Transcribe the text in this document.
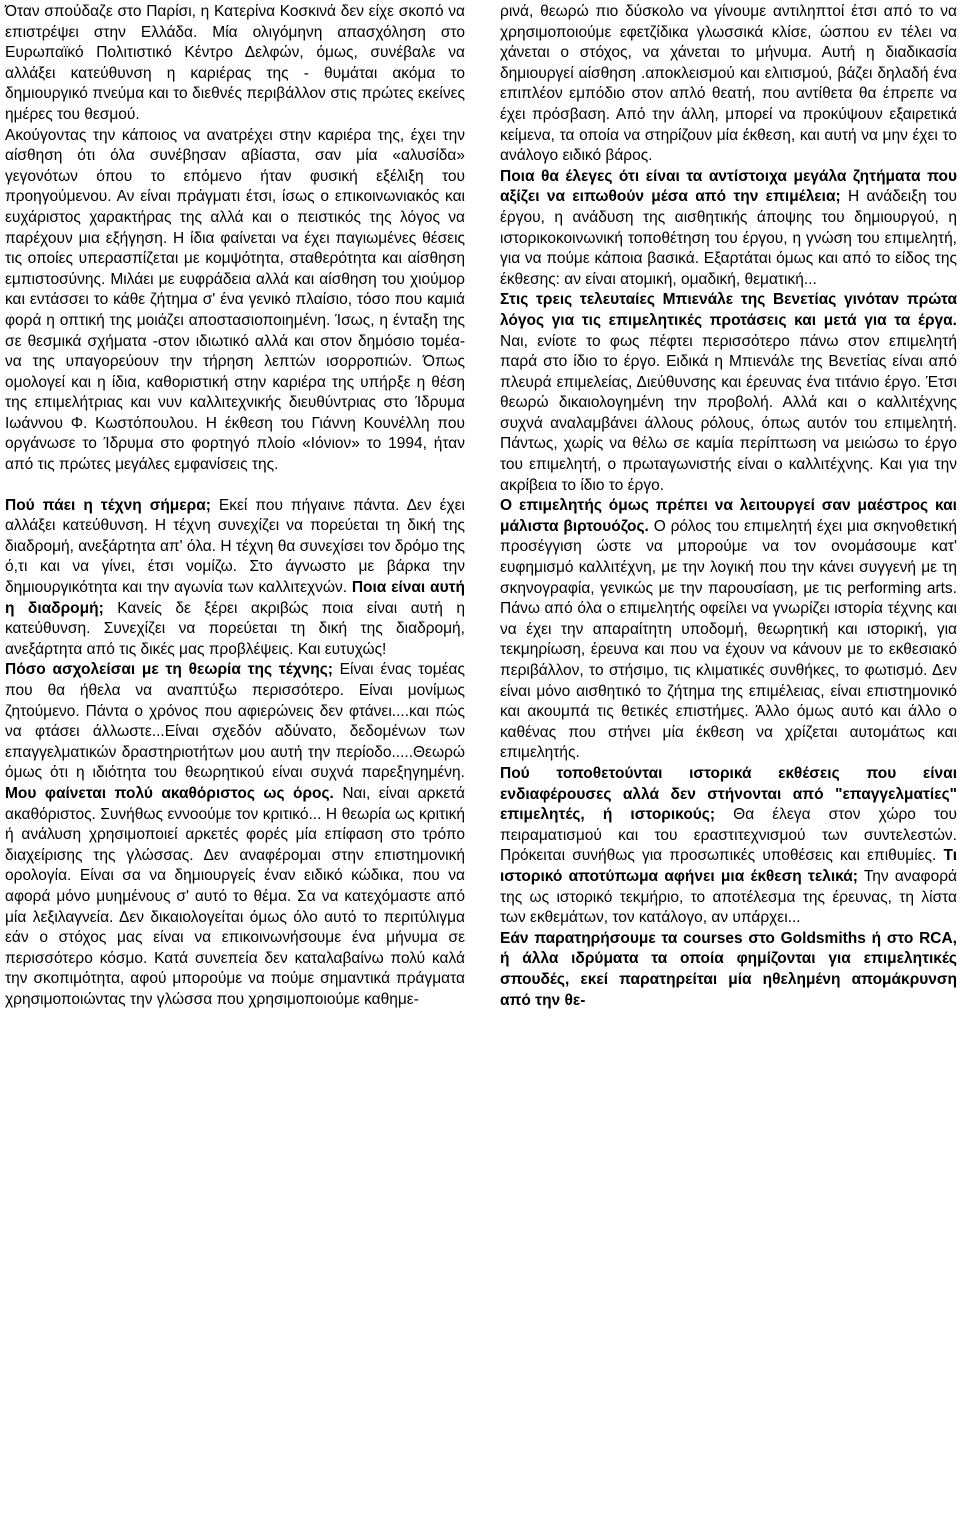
Όταν σπούδαζε στο Παρίσι, η Κατερίνα Κοσκινά δεν είχε σκοπό να επιστρέψει στην Ελλάδα. Μία ολιγόμηνη απασχόληση στο Ευρωπαϊκό Πολιτιστικό Κέντρο Δελφών, όμως, συνέβαλε να αλλάξει κατεύθυνση η καριέρας της - θυμάται ακόμα το δημιουργικό πνεύμα και το διεθνές περιβάλλον στις πρώτες εκείνες ημέρες του θεσμού.

Ακούγοντας την κάποιος να ανατρέχει στην καριέρα της, έχει την αίσθηση ότι όλα συνέβησαν αβίαστα, σαν μία «αλυσίδα» γεγονότων όπου το επόμενο ήταν φυσική εξέλιξη του προηγούμενου. Αν είναι πράγματι έτσι, ίσως ο επικοινωνιακός και ευχάριστος χαρακτήρας της αλλά και ο πειστικός της λόγος να παρέχουν μια εξήγηση. Η ίδια φαίνεται να έχει παγιωμένες θέσεις τις οποίες υπερασπίζεται με κομψότητα, σταθερότητα και αίσθηση εμπιστοσύνης. Μιλάει με ευφράδεια αλλά και αίσθηση του χιούμορ και εντάσσει το κάθε ζήτημα σ' ένα γενικό πλαίσιο, τόσο που καμιά φορά η οπτική της μοιάζει αποστασιοποιημένη. Ίσως, η ένταξη της σε θεσμικά σχήματα -στον ιδιωτικό αλλά και στον δημόσιο τομέα- να της υπαγορεύουν την τήρηση λεπτών ισορροπιών. Όπως ομολογεί και η ίδια, καθοριστική στην καριέρα της υπήρξε η θέση της επιμελήτριας και νυν καλλιτεχνικής διευθύντριας στο Ίδρυμα Ιωάννου Φ. Κωστόπουλου. Η έκθεση του Γιάννη Κουνέλλη που οργάνωσε το Ίδρυμα στο φορτηγό πλοίο «Ιόνιον» το 1994, ήταν από τις πρώτες μεγάλες εμφανίσεις της.

Πού πάει η τέχνη σήμερα; Εκεί που πήγαινε πάντα. Δεν έχει αλλάξει κατεύθυνση. Η τέχνη συνεχίζει να πορεύεται τη δική της διαδρομή, ανεξάρτητα απ' όλα. Η τέχνη θα συνεχίσει τον δρόμο της ό,τι και να γίνει, έτσι νομίζω. Στο άγνωστο με βάρκα την δημιουργικότητα και την αγωνία των καλλιτεχνών. Ποια είναι αυτή η διαδρομή; Κανείς δε ξέρει ακριβώς ποια είναι αυτή η κατεύθυνση. Συνεχίζει να πορεύεται τη δική της διαδρομή, ανεξάρτητα από τις δικές μας προβλέψεις. Και ευτυχώς!

Πόσο ασχολείσαι με τη θεωρία της τέχνης; Είναι ένας τομέας που θα ήθελα να αναπτύξω περισσότερο. Είναι μονίμως ζητούμενο. Πάντα ο χρόνος που αφιερώνεις δεν φτάνει....και πώς να φτάσει άλλωστε...Είναι σχεδόν αδύνατο, δεδομένων των επαγγελματικών δραστηριοτήτων μου αυτή την περίοδο.....Θεωρώ όμως ότι η ιδιότητα του θεωρητικού είναι συχνά παρεξηγημένη. Μου φαίνεται πολύ ακαθόριστος ως όρος. Ναι, είναι αρκετά ακαθόριστος. Συνήθως εννοούμε τον κριτικό... Η θεωρία ως κριτική ή ανάλυση χρησιμοποιεί αρκετές φορές μία επίφαση στο τρόπο διαχείρισης της γλώσσας. Δεν αναφέρομαι στην επιστημονική ορολογία. Είναι σα να δημιουργείς έναν ειδικό κώδικα, που να αφορά μόνο μυημένους σ' αυτό το θέμα. Σα να κατεχόμαστε από μία λεξιλαγνεία. Δεν δικαιολογείται όμως όλο αυτό το περιτύλιγμα εάν ο στόχος μας είναι να επικοινωνήσουμε ένα μήνυμα σε περισσότερο κόσμο. Κατά συνεπεία δεν καταλαβαίνω πολύ καλά την σκοπιμότητα, αφού μπορούμε να πούμε σημαντικά πράγματα χρησιμοποιώντας την γλώσσα που χρησιμοποιούμε καθημε-

ρινά, θεωρώ πιο δύσκολο να γίνουμε αντιληπτοί έτσι από το να χρησιμοποιούμε εφετζίδικα γλωσσικά κλίσε, ώσπου εν τέλει να χάνεται ο στόχος, να χάνεται το μήνυμα. Αυτή η διαδικασία δημιουργεί αίσθηση .αποκλεισμού και ελιτισμού, βάζει δηλαδή ένα επιπλέον εμπόδιο στον απλό θεατή, που αντίθετα θα έπρεπε να έχει πρόσβαση. Από την άλλη, μπορεί να προκύψουν εξαιρετικά κείμενα, τα οποία να στηρίζουν μία έκθεση, και αυτή να μην έχει το ανάλογο ειδικό βάρος.

Ποια θα έλεγες ότι είναι τα αντίστοιχα μεγάλα ζητήματα που αξίζει να ειπωθούν μέσα από την επιμέλεια; Η ανάδειξη του έργου, η ανάδυση της αισθητικής άποψης του δημιουργού, η ιστορικοκοινωνική τοποθέτηση του έργου, η γνώση του επιμελητή, για να πούμε κάποια βασικά. Εξαρτάται όμως και από το είδος της έκθεσης: αν είναι ατομική, ομαδική, θεματική...

Στις τρεις τελευταίες Μπιενάλε της Βενετίας γινόταν πρώτα λόγος για τις επιμελητικές προτάσεις και μετά για τα έργα. Ναι, ενίοτε το φως πέφτει περισσότερο πάνω στον επιμελητή παρά στο ίδιο το έργο. Ειδικά η Μπιενάλε της Βενετίας είναι από πλευρά επιμελείας, Διεύθυνσης και έρευνας ένα τιτάνιο έργο. Έτσι θεωρώ δικαιολογημένη την προβολή. Αλλά και ο καλλιτέχνης συχνά αναλαμβάνει άλλους ρόλους, όπως αυτόν του επιμελητή. Πάντως, χωρίς να θέλω σε καμία περίπτωση να μειώσω το έργο του επιμελητή, ο πρωταγωνιστής είναι ο καλλιτέχνης. Και για την ακρίβεια το ίδιο το έργο.

Ο επιμελητής όμως πρέπει να λειτουργεί σαν μαέστρος και μάλιστα βιρτουόζος. Ο ρόλος του επιμελητή έχει μια σκηνοθετική προσέγγιση ώστε να μπορούμε να τον ονομάσουμε κατ' ευφημισμό καλλιτέχνη, με την λογική που την κάνει συγγενή με τη σκηνογραφία, γενικώς με την παρουσίαση, με τις performing arts. Πάνω από όλα ο επιμελητής οφείλει να γνωρίζει ιστορία τέχνης και να έχει την απαραίτητη υποδομή, θεωρητική και ιστορική, για τεκμηρίωση, έρευνα και που να έχουν να κάνουν με το εκθεσιακό περιβάλλον, το στήσιμο, τις κλιματικές συνθήκες, το φωτισμό. Δεν είναι μόνο αισθητικό το ζήτημα της επιμέλειας, είναι επιστημονικό και ακουμπά τις θετικές επιστήμες. Άλλο όμως αυτό και άλλο ο καθένας που στήνει μία έκθεση να χρίζεται αυτομάτως και επιμελητής.

Πού τοποθετούνται ιστορικά εκθέσεις που είναι ενδιαφέρουσες αλλά δεν στήνονται από "επαγγελματίες" επιμελητές, ή ιστορικούς; Θα έλεγα στον χώρο του πειραματισμού και του εραστιτεχνισμού των συντελεστών. Πρόκειται συνήθως για προσωπικές υποθέσεις και επιθυμίες. Τι ιστορικό αποτύπωμα αφήνει μια έκθεση τελικά; Την αναφορά της ως ιστορικό τεκμήριο, το αποτέλεσμα της έρευνας, τη λίστα των εκθεμάτων, τον κατάλογο, αν υπάρχει...

Εάν παρατηρήσουμε τα courses στο Goldsmiths ή στο RCA, ή άλλα ιδρύματα τα οποία φημίζονται για επιμελητικές σπουδές, εκεί παρατηρείται μία ηθελημένη απομάκρυνση από την θε-
